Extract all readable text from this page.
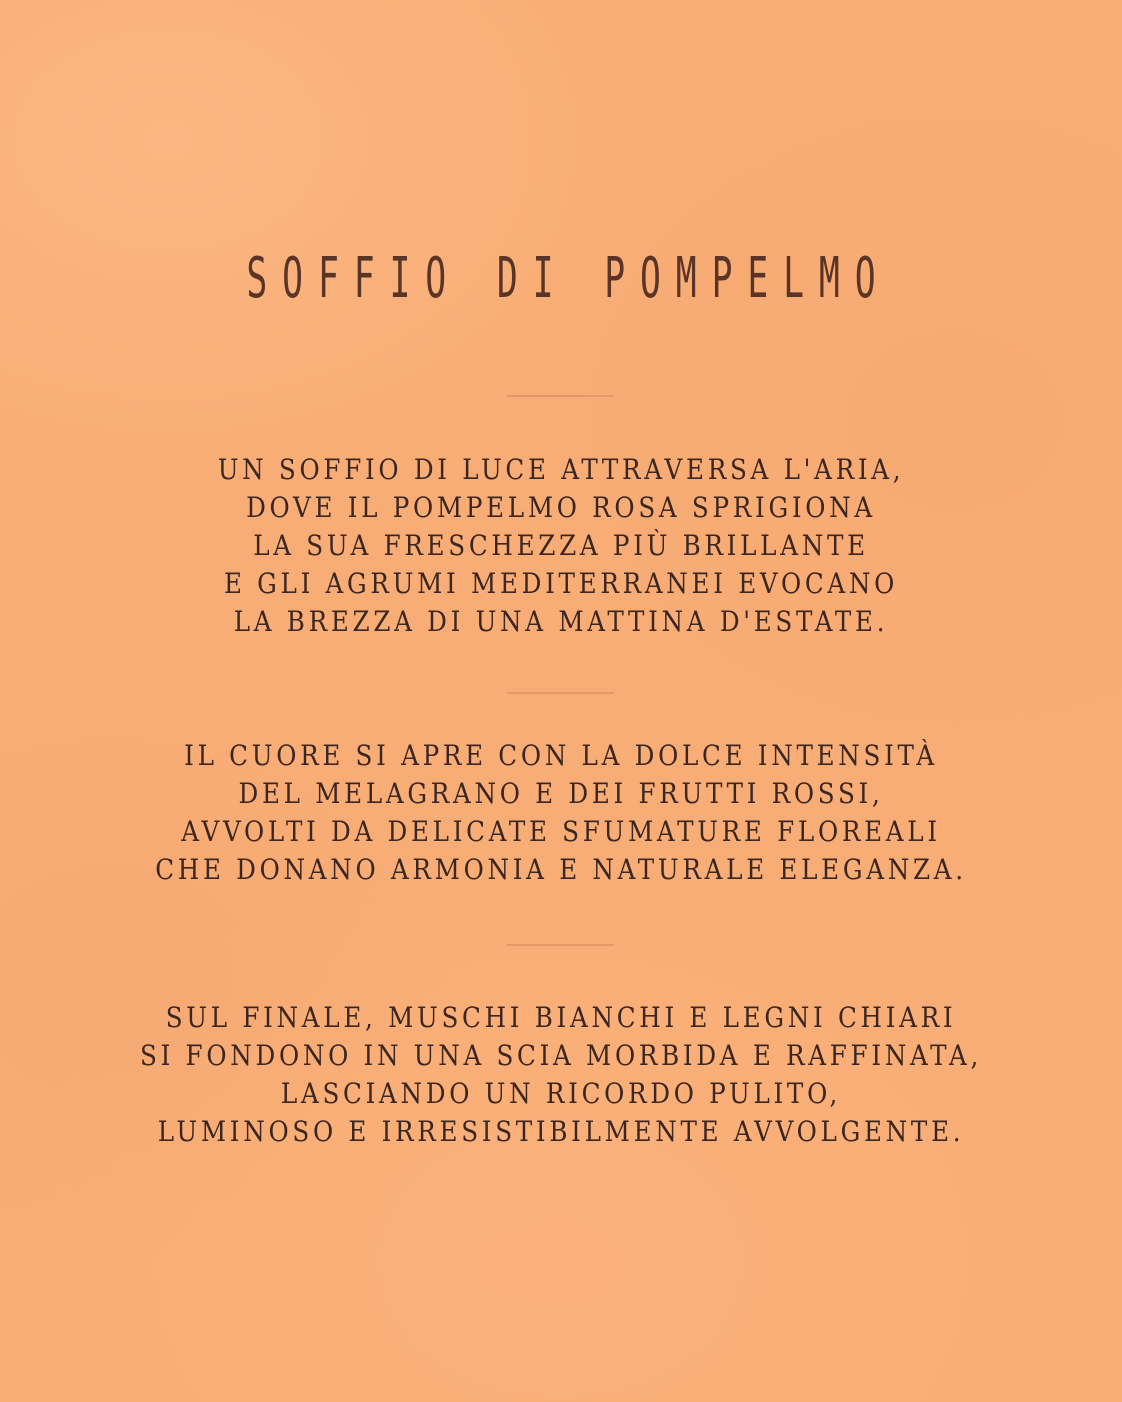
SOFFIO DI POMPELMO
UN SOFFIO DI LUCE ATTRAVERSA L'ARIA,
DOVE IL POMPELMO ROSA SPRIGIONA
LA SUA FRESCHEZZA PIÙ BRILLANTE
E GLI AGRUMI MEDITERRANEI EVOCANO
LA BREZZA DI UNA MATTINA D'ESTATE.
IL CUORE SI APRE CON LA DOLCE INTENSITÀ
DEL MELAGRANO E DEI FRUTTI ROSSI,
AVVOLTI DA DELICATE SFUMATURE FLOREALI
CHE DONANO ARMONIA E NATURALE ELEGANZA.
SUL FINALE, MUSCHI BIANCHI E LEGNI CHIARI
SI FONDONO IN UNA SCIA MORBIDA E RAFFINATA,
LASCIANDO UN RICORDO PULITO,
LUMINOSO E IRRESISTIBILMENTE AVVOLGENTE.
